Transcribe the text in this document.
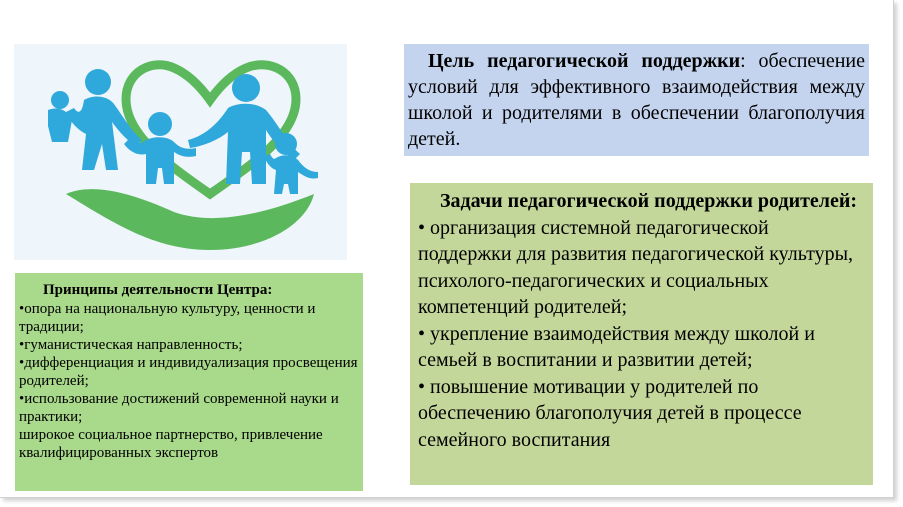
Цель педагогической поддержки: обеспечение условий для эффективного взаимодействия между школой и родителями в обеспечении благополучия детей.
Задачи педагогической поддержки родителей:
• организация системной педагогической поддержки для развития педагогической культуры, психолого-педагогических и социальных компетенций родителей;
• укрепление взаимодействия между школой и семьей в воспитании и развитии детей;
• повышение мотивации у родителей по обеспечению благополучия детей в процессе семейного воспитания
Принципы деятельности Центра:
•опора на национальную культуру, ценности и традиции;
•гуманистическая направленность;
•дифференциация и индивидуализация просвещения родителей;
•использование достижений современной науки и практики;
широкое социальное партнерство, привлечение квалифицированных экспертов
